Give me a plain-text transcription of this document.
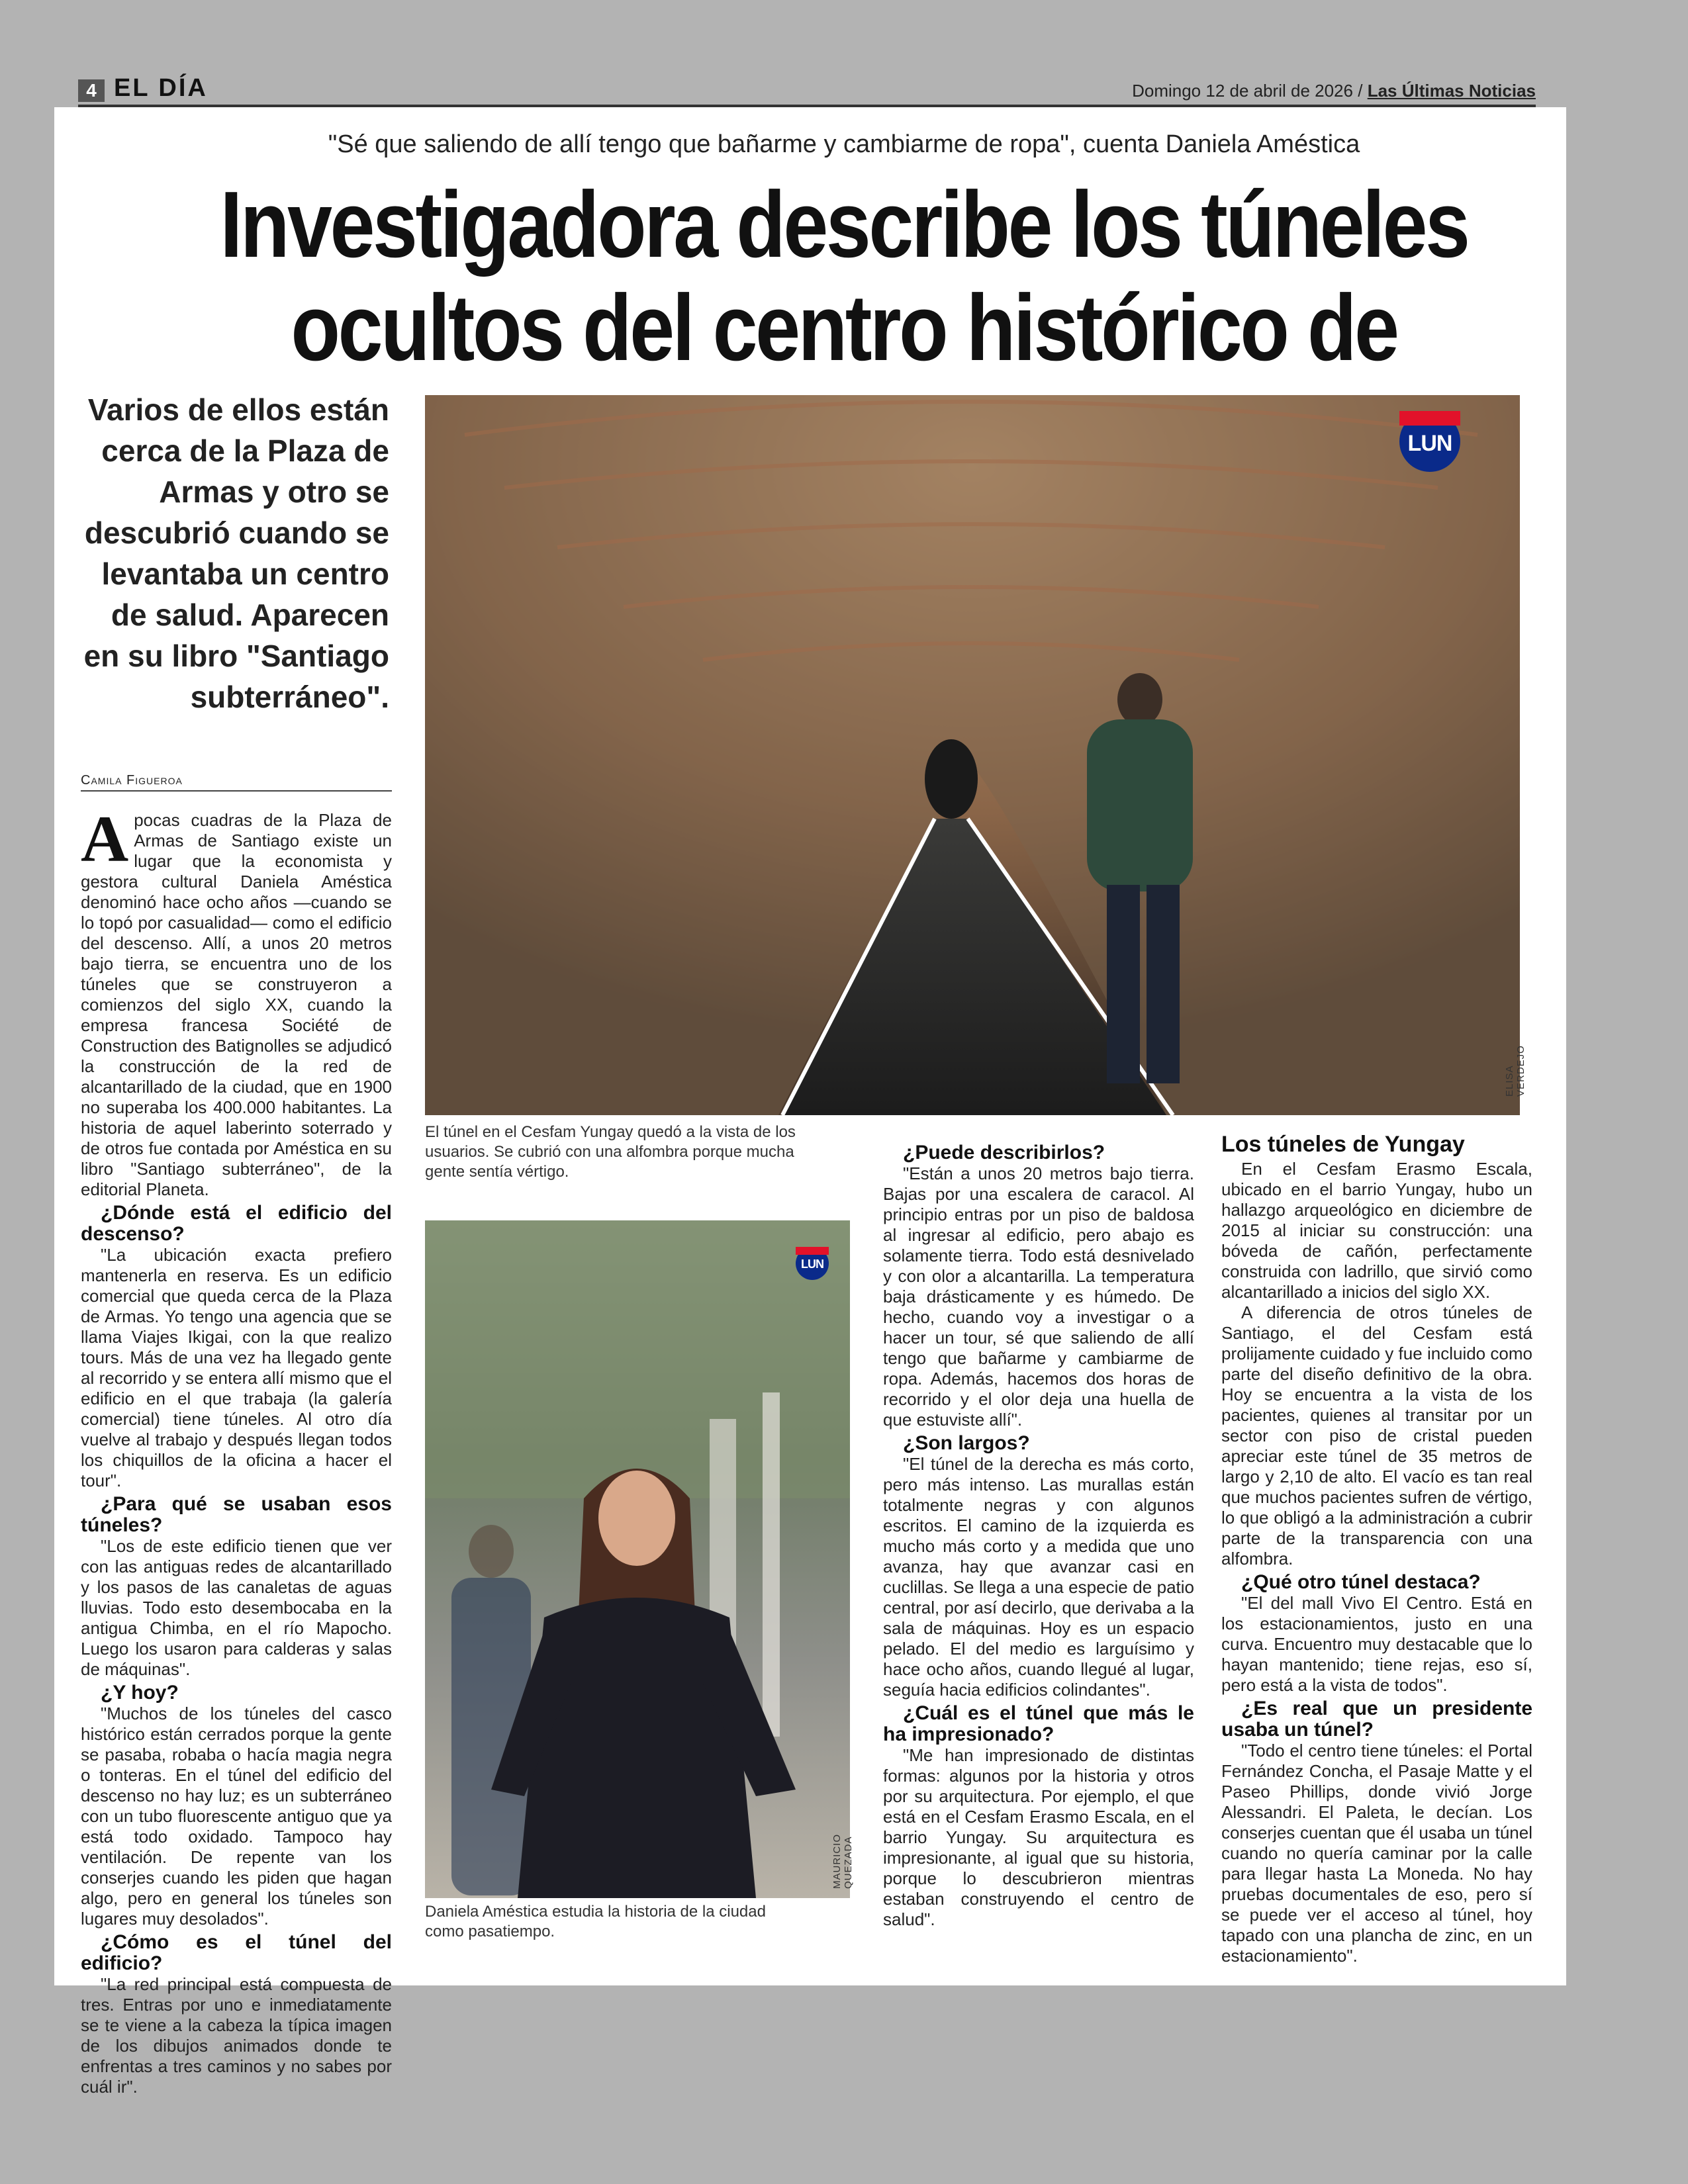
4 EL DÍA	Domingo 12 de abril de 2026 / Las Últimas Noticias
"Sé que saliendo de allí tengo que bañarme y cambiarme de ropa", cuenta Daniela Améstica
Investigadora describe los túneles ocultos del centro histórico de
Varios de ellos están cerca de la Plaza de Armas y otro se descubrió cuando se levantaba un centro de salud. Aparecen en su libro "Santiago subterráneo".
Camila Figueroa
LUN
ELISA VERDEJO
El túnel en el Cesfam Yungay quedó a la vista de los usuarios. Se cubrió con una alfombra porque mucha gente sentía vértigo.
LUN
MAURICIO QUEZADA
Daniela Améstica estudia la historia de la ciudad como pasatiempo.

Apocas cuadras de la Plaza de Armas de Santiago existe un lugar que la economista y gestora cultural Daniela Améstica denominó hace ocho años —cuando se lo topó por casualidad— como el edificio del descenso. Allí, a unos 20 metros bajo tierra, se encuentra uno de los túneles que se construyeron a comienzos del siglo XX, cuando la empresa francesa Société de Construction des Batignolles se adjudicó la construcción de la red de alcantarillado de la ciudad, que en 1900 no superaba los 400.000 habitantes. La historia de aquel laberinto soterrado y de otros fue contada por Améstica en su libro "Santiago subterráneo", de la editorial Planeta.

¿Dónde está el edificio del descenso?

"La ubicación exacta prefiero mantenerla en reserva. Es un edificio comercial que queda cerca de la Plaza de Armas. Yo tengo una agencia que se llama Viajes Ikigai, con la que realizo tours. Más de una vez ha llegado gente al recorrido y se entera allí mismo que el edificio en el que trabaja (la galería comercial) tiene túneles. Al otro día vuelve al trabajo y después llegan todos los chiquillos de la oficina a hacer el tour".

¿Para qué se usaban esos túneles?

"Los de este edificio tienen que ver con las antiguas redes de alcantarillado y los pasos de las canaletas de aguas lluvias. Todo esto desembocaba en la antigua Chimba, en el río Mapocho. Luego los usaron para calderas y salas de máquinas".

¿Y hoy?

"Muchos de los túneles del casco histórico están cerrados porque la gente se pasaba, robaba o hacía magia negra o tonteras. En el túnel del edificio del descenso no hay luz; es un subterráneo con un tubo fluorescente antiguo que ya está todo oxidado. Tampoco hay ventilación. De repente van los conserjes cuando les piden que hagan algo, pero en general los túneles son lugares muy desolados".

¿Cómo es el túnel del edificio?

"La red principal está compuesta de tres. Entras por uno e inmediatamente se te viene a la cabeza la típica imagen de los dibujos animados donde te enfrentas a tres caminos y no sabes por cuál ir".

¿Puede describirlos?

"Están a unos 20 metros bajo tierra. Bajas por una escalera de caracol. Al principio entras por un piso de baldosa al ingresar al edificio, pero abajo es solamente tierra. Todo está desnivelado y con olor a alcantarilla. La temperatura baja drásticamente y es húmedo. De hecho, cuando voy a investigar o a hacer un tour, sé que saliendo de allí tengo que bañarme y cambiarme de ropa. Además, hacemos dos horas de recorrido y el olor deja una huella de que estuviste allí".

¿Son largos?

"El túnel de la derecha es más corto, pero más intenso. Las murallas están totalmente negras y con algunos escritos. El camino de la izquierda es mucho más corto y a medida que uno avanza, hay que avanzar casi en cuclillas. Se llega a una especie de patio central, por así decirlo, que derivaba a la sala de máquinas. Hoy es un espacio pelado. El del medio es larguísimo y hace ocho años, cuando llegué al lugar, seguía hacia edificios colindantes".

¿Cuál es el túnel que más le ha impresionado?

"Me han impresionado de distintas formas: algunos por la historia y otros por su arquitectura. Por ejemplo, el que está en el Cesfam Erasmo Escala, en el barrio Yungay. Su arquitectura es impresionante, al igual que su historia, porque lo descubrieron mientras estaban construyendo el centro de salud".

Los túneles de Yungay

En el Cesfam Erasmo Escala, ubicado en el barrio Yungay, hubo un hallazgo arqueológico en diciembre de 2015 al iniciar su construcción: una bóveda de cañón, perfectamente construida con ladrillo, que sirvió como alcantarillado a inicios del siglo XX.

A diferencia de otros túneles de Santiago, el del Cesfam está prolijamente cuidado y fue incluido como parte del diseño definitivo de la obra. Hoy se encuentra a la vista de los pacientes, quienes al transitar por un sector con piso de cristal pueden apreciar este túnel de 35 metros de largo y 2,10 de alto. El vacío es tan real que muchos pacientes sufren de vértigo, lo que obligó a la administración a cubrir parte de la transparencia con una alfombra.

¿Qué otro túnel destaca?

"El del mall Vivo El Centro. Está en los estacionamientos, justo en una curva. Encuentro muy destacable que lo hayan mantenido; tiene rejas, eso sí, pero está a la vista de todos".

¿Es real que un presidente usaba un túnel?

"Todo el centro tiene túneles: el Portal Fernández Concha, el Pasaje Matte y el Paseo Phillips, donde vivió Jorge Alessandri. El Paleta, le decían. Los conserjes cuentan que él usaba un túnel cuando no quería caminar por la calle para llegar hasta La Moneda. No hay pruebas documentales de eso, pero sí se puede ver el acceso al túnel, hoy tapado con una plancha de zinc, en un estacionamiento".
